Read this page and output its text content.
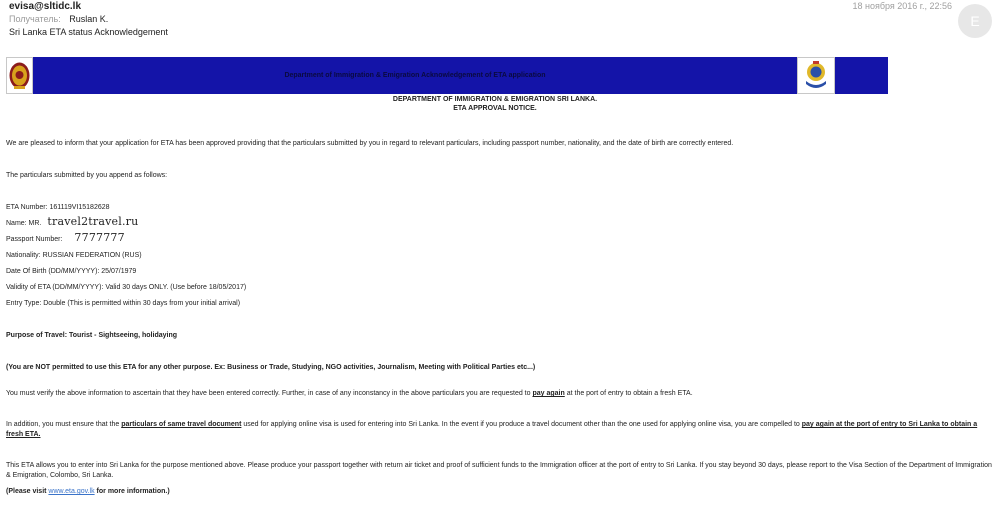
evisa@sltidc.lk
Получатель: Ruslan K.
Sri Lanka ETA status Acknowledgement
18 ноября 2016 г., 22:56
E
Department of Immigration & Emigration Acknowledgement of ETA application
DEPARTMENT OF IMMIGRATION & EMIGRATION SRI LANKA.
ETA APPROVAL NOTICE.
We are pleased to inform that your application for ETA has been approved providing that the particulars submitted by you in regard to relevant particulars, including passport number, nationality, and the date of birth are correctly entered.
The particulars submitted by you append as follows:
ETA Number: 161119VI15182628
Name: MR. travel2travel.ru
Passport Number: 7777777
Nationality: RUSSIAN FEDERATION (RUS)
Date Of Birth (DD/MM/YYYY): 25/07/1979
Validity of ETA (DD/MM/YYYY): Valid 30 days ONLY. (Use before 18/05/2017)
Entry Type: Double (This is permitted within 30 days from your initial arrival)
Purpose of Travel: Tourist - Sightseeing, holidaying
(You are NOT permitted to use this ETA for any other purpose. Ex: Business or Trade, Studying, NGO activities, Journalism, Meeting with Political Parties etc...)
You must verify the above information to ascertain that they have been entered correctly. Further, in case of any inconstancy in the above particulars you are requested to pay again at the port of entry to obtain a fresh ETA.
In addition, you must ensure that the particulars of same travel document used for applying online visa is used for entering into Sri Lanka. In the event if you produce a travel document other than the one used for applying online visa, you are compelled to pay again at the port of entry to Sri Lanka to obtain a fresh ETA.
This ETA allows you to enter into Sri Lanka for the purpose mentioned above. Please produce your passport together with return air ticket and proof of sufficient funds to the Immigration officer at the port of entry to Sri Lanka. If you stay beyond 30 days, please report to the Visa Section of the Department of Immigration & Emigration, Colombo, Sri Lanka.
(Please visit www.eta.gov.lk for more information.)
